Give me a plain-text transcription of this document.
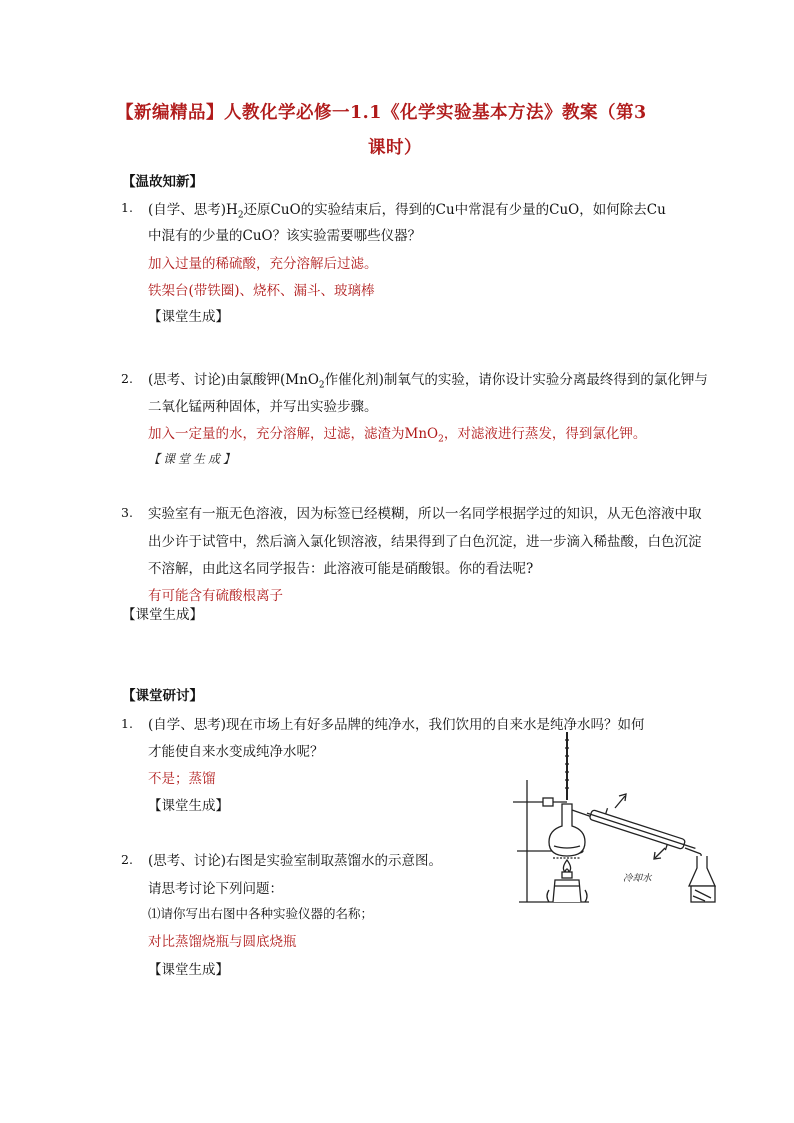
【新编精品】人教化学必修一1.1《化学实验基本方法》教案（第3
课时）
【温故知新】
1. (自学、思考)$H_2$还原CuO的实验结束后，得到的Cu中常混有少量的CuO，如何除去Cu
中混有的少量的CuO？该实验需要哪些仪器？
加入过量的稀硫酸，充分溶解后过滤。
铁架台(带铁圈)、烧杯、漏斗、玻璃棒
【课堂生成】
2. (思考、讨论)由氯酸钾(MnO$_2$作催化剂)制氧气的实验，请你设计实验分离最终得到的氯化钾与
二氧化锰两种固体，并写出实验步骤。
加入一定量的水，充分溶解，过滤，滤渣为MnO$_2$，对滤液进行蒸发，得到氯化钾。
【课堂生成】
3. 实验室有一瓶无色溶液，因为标签已经模糊，所以一名同学根据学过的知识，从无色溶液中取
出少许于试管中，然后滴入氯化钡溶液，结果得到了白色沉淀，进一步滴入稀盐酸，白色沉淀
不溶解，由此这名同学报告：此溶液可能是硝酸银。你的看法呢?
有可能含有硫酸根离子
【课堂生成】
【课堂研讨】
1. (自学、思考)现在市场上有好多品牌的纯净水，我们饮用的自来水是纯净水吗？如何
才能使自来水变成纯净水呢？
不是；蒸馏
【课堂生成】
2. (思考、讨论)右图是实验室制取蒸馏水的示意图。
请思考讨论下列问题：
⑴请你写出右图中各种实验仪器的名称；
对比蒸馏烧瓶与圆底烧瓶
【课堂生成】
冷却水
